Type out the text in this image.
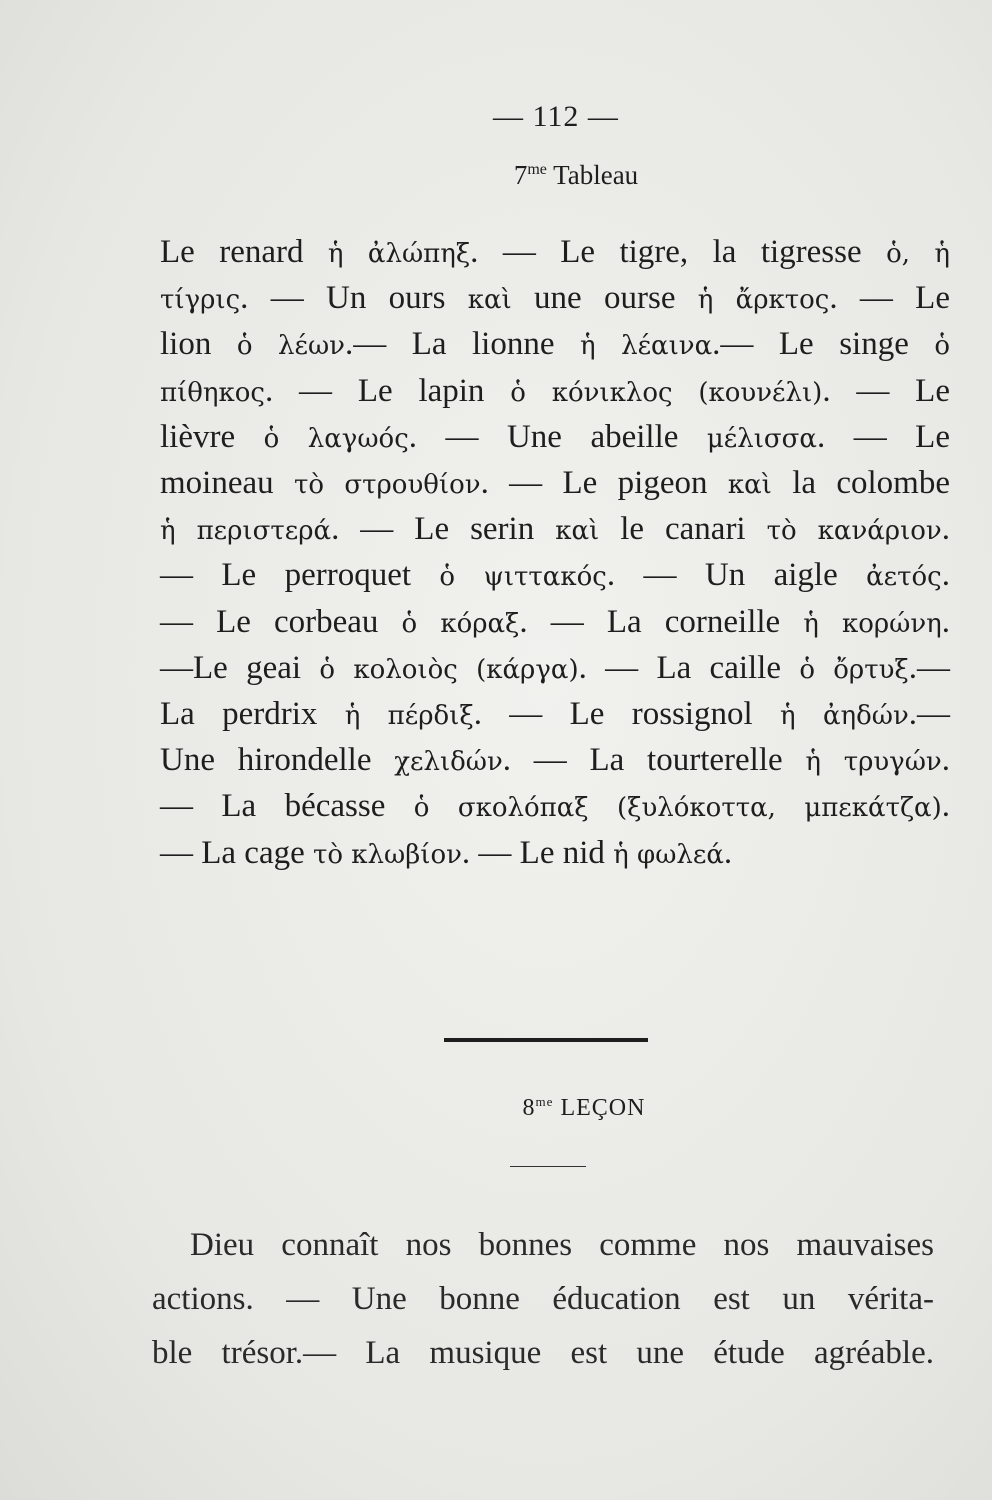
— 112 —
$7^{me}$ Tableau
Le renard ἡ ἀλώπηξ. — Le tigre, la tigresse ὁ, ἡ
τίγρις. — Un ours καὶ une ourse ἡ ἄρκτος. — Le
lion ὁ λέων.— La lionne ἡ λέαινα.— Le singe ὁ
πίθηκος. — Le lapin ὁ κόνικλος (κουνέλι). — Le
lièvre ὁ λαγωός. — Une abeille μέλισσα. — Le
moineau τὸ στρουθίον. — Le pigeon καὶ la colombe
ἡ περιστερά. — Le serin καὶ le canari τὸ κανάριον.
— Le perroquet ὁ ψιττακός. — Un aigle ἀετός.
— Le corbeau ὁ κόραξ. — La corneille ἡ κορώνη.
—Le geai ὁ κολοιὸς (κάργα). — La caille ὁ ὄρτυξ.—
La perdrix ἡ πέρδιξ. — Le rossignol ἡ ἀηδών.—
Une hirondelle χελιδών. — La tourterelle ἡ τρυγών.
— La bécasse ὁ σκολόπαξ (ξυλόκοττα, μπεκάτζα).
— La cage τὸ κλωβίον. — Le nid ἡ φωλεά.
$8^{me}$ LEÇON
Dieu connaît nos bonnes comme nos mauvaises
actions. — Une bonne éducation est un vérita-
ble trésor.— La musique est une étude agréable.
